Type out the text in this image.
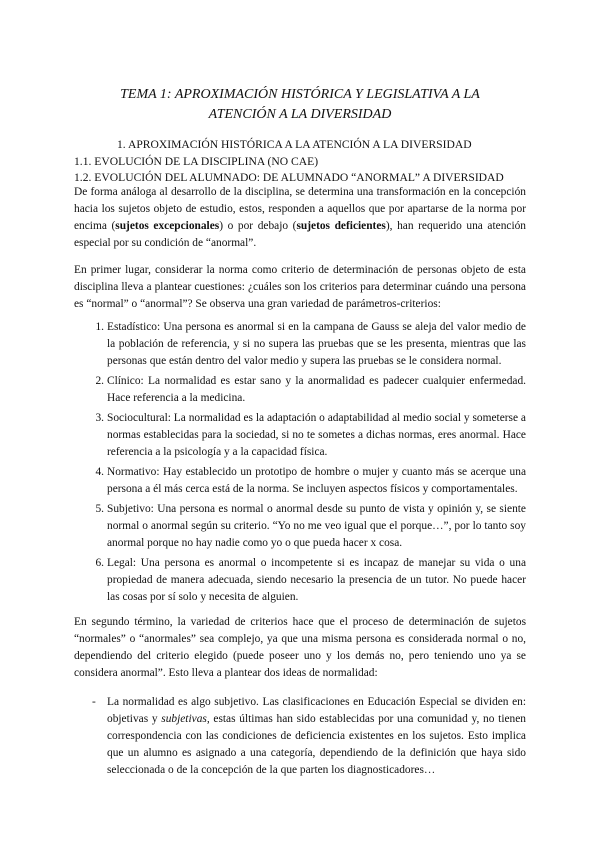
TEMA 1: APROXIMACIÓN HISTÓRICA Y LEGISLATIVA A LA
ATENCIÓN A LA DIVERSIDAD
1. APROXIMACIÓN HISTÓRICA A LA ATENCIÓN A LA DIVERSIDAD
1.1. EVOLUCIÓN DE LA DISCIPLINA (NO CAE)
1.2. EVOLUCIÓN DEL ALUMNADO: DE ALUMNADO “ANORMAL” A DIVERSIDAD
De forma análoga al desarrollo de la disciplina, se determina una transformación en la concepción hacia los sujetos objeto de estudio, estos, responden a aquellos que por apartarse de la norma por encima (sujetos excepcionales) o por debajo (sujetos deficientes), han requerido una atención especial por su condición de “anormal”.
En primer lugar, considerar la norma como criterio de determinación de personas objeto de esta disciplina lleva a plantear cuestiones: ¿cuáles son los criterios para determinar cuándo una persona es “normal” o “anormal”? Se observa una gran variedad de parámetros-criterios:
1. Estadístico: Una persona es anormal si en la campana de Gauss se aleja del valor medio de la población de referencia, y si no supera las pruebas que se les presenta, mientras que las personas que están dentro del valor medio y supera las pruebas se le considera normal.
2. Clínico: La normalidad es estar sano y la anormalidad es padecer cualquier enfermedad. Hace referencia a la medicina.
3. Sociocultural: La normalidad es la adaptación o adaptabilidad al medio social y someterse a normas establecidas para la sociedad, si no te sometes a dichas normas, eres anormal. Hace referencia a la psicología y a la capacidad física.
4. Normativo: Hay establecido un prototipo de hombre o mujer y cuanto más se acerque una persona a él más cerca está de la norma. Se incluyen aspectos físicos y comportamentales.
5. Subjetivo: Una persona es normal o anormal desde su punto de vista y opinión y, se siente normal o anormal según su criterio. “Yo no me veo igual que el porque…”, por lo tanto soy anormal porque no hay nadie como yo o que pueda hacer x cosa.
6. Legal: Una persona es anormal o incompetente si es incapaz de manejar su vida o una propiedad de manera adecuada, siendo necesario la presencia de un tutor. No puede hacer las cosas por sí solo y necesita de alguien.
En segundo término, la variedad de criterios hace que el proceso de determinación de sujetos “normales” o “anormales” sea complejo, ya que una misma persona es considerada normal o no, dependiendo del criterio elegido (puede poseer uno y los demás no, pero teniendo uno ya se considera anormal”. Esto lleva a plantear dos ideas de normalidad:
- La normalidad es algo subjetivo. Las clasificaciones en Educación Especial se dividen en: objetivas y subjetivas, estas últimas han sido establecidas por una comunidad y, no tienen correspondencia con las condiciones de deficiencia existentes en los sujetos. Esto implica que un alumno es asignado a una categoría, dependiendo de la definición que haya sido seleccionada o de la concepción de la que parten los diagnosticadores…
